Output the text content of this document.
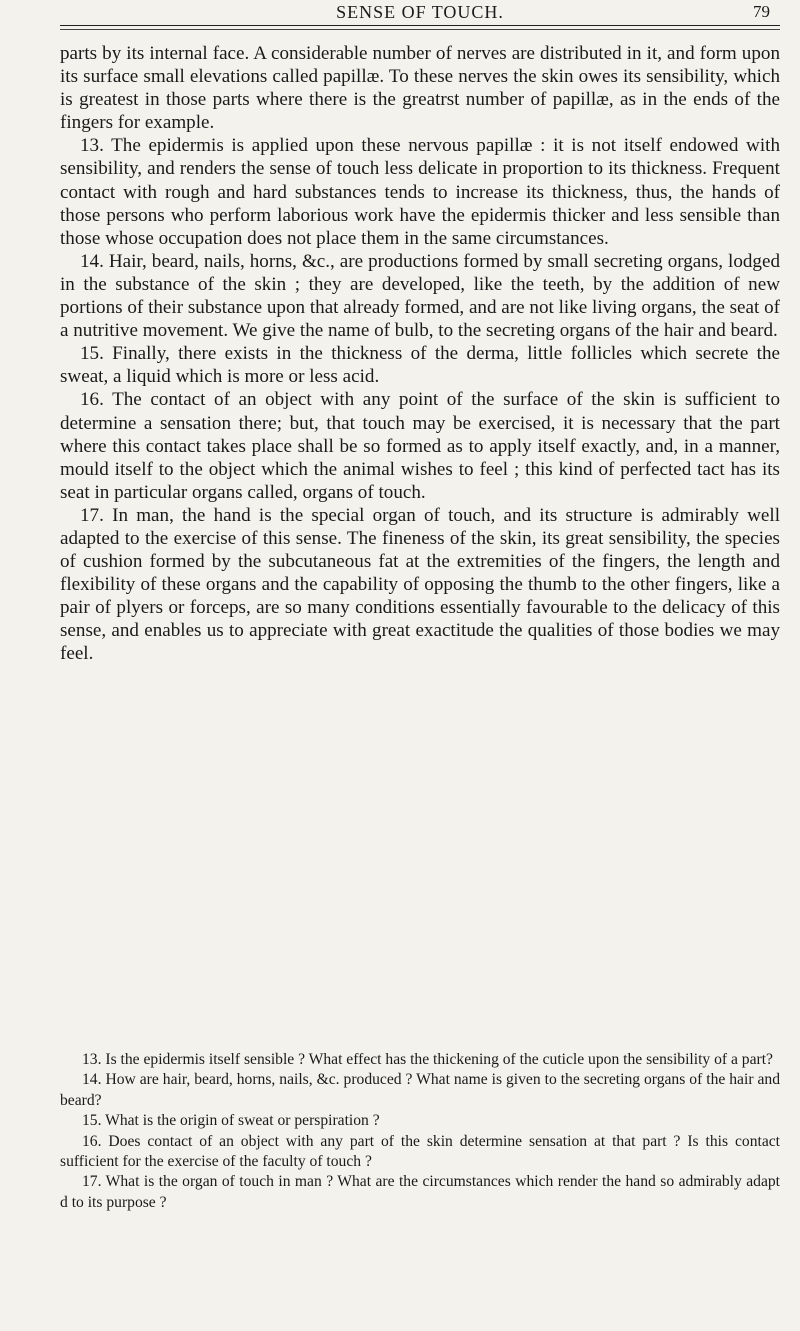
SENSE OF TOUCH.	79

parts by its internal face. A considerable number of nerves are distributed in it, and form upon its surface small elevations called papillæ. To these nerves the skin owes its sensibility, which is greatest in those parts where there is the greatrst number of papillæ, as in the ends of the fingers for example.

13. The epidermis is applied upon these nervous papillæ : it is not itself endowed with sensibility, and renders the sense of touch less delicate in proportion to its thickness. Frequent contact with rough and hard substances tends to increase its thickness, thus, the hands of those persons who perform laborious work have the epidermis thicker and less sensible than those whose occupation does not place them in the same circumstances.

14. Hair, beard, nails, horns, &c., are productions formed by small secreting organs, lodged in the substance of the skin ; they are developed, like the teeth, by the addition of new portions of their substance upon that already formed, and are not like living organs, the seat of a nutritive movement. We give the name of bulb, to the secreting organs of the hair and beard.

15. Finally, there exists in the thickness of the derma, little follicles which secrete the sweat, a liquid which is more or less acid.

16. The contact of an object with any point of the surface of the skin is sufficient to determine a sensation there; but, that touch may be exercised, it is necessary that the part where this contact takes place shall be so formed as to apply itself exactly, and, in a manner, mould itself to the object which the animal wishes to feel ; this kind of perfected tact has its seat in particular organs called, organs of touch.

17. In man, the hand is the special organ of touch, and its structure is admirably well adapted to the exercise of this sense. The fineness of the skin, its great sensibility, the species of cushion formed by the subcutaneous fat at the extremities of the fingers, the length and flexibility of these organs and the capability of opposing the thumb to the other fingers, like a pair of plyers or forceps, are so many conditions essentially favourable to the delicacy of this sense, and enables us to appreciate with great exactitude the qualities of those bodies we may feel.

13. Is the epidermis itself sensible ? What effect has the thickening of the cuticle upon the sensibility of a part?

14. How are hair, beard, horns, nails, &c. produced ? What name is given to the secreting organs of the hair and beard?

15. What is the origin of sweat or perspiration ?

16. Does contact of an object with any part of the skin determine sensation at that part ? Is this contact sufficient for the exercise of the faculty of touch ?

17. What is the organ of touch in man ? What are the circumstances which render the hand so admirably adapt d to its purpose ?
